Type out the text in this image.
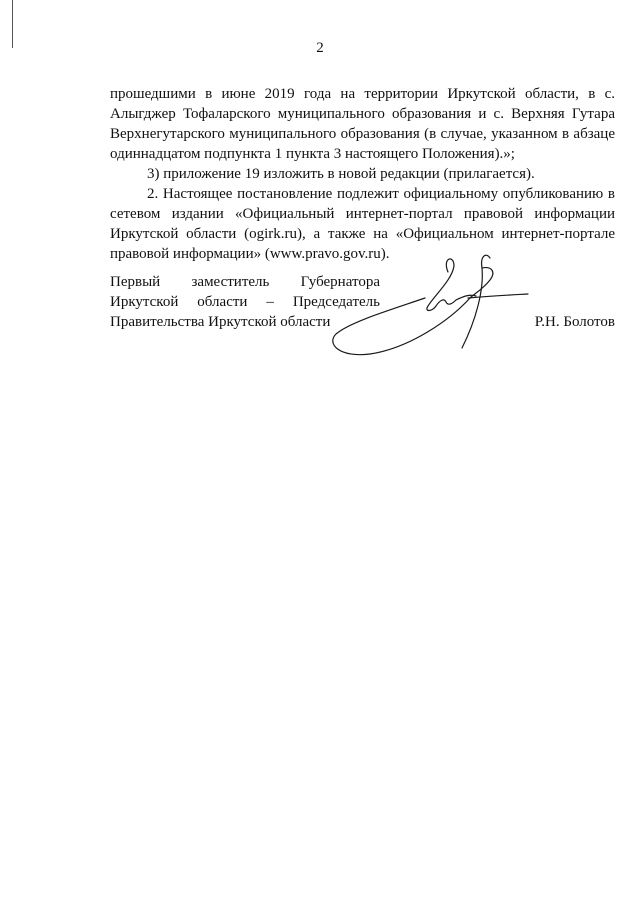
2

прошедшими в июне 2019 года на территории Иркутской области, в с. Алыгджер Тофаларского муниципального образования и с. Верхняя Гутара Верхнегутарского муниципального образования (в случае, указанном в абзаце одиннадцатом подпункта 1 пункта 3 настоящего Положения).»;

3) приложение 19 изложить в новой редакции (прилагается).

2. Настоящее постановление подлежит официальному опубликованию в сетевом издании «Официальный интернет-портал правовой информации Иркутской области (ogirk.ru), а также на «Официальном интернет-портале правовой информации» (www.pravo.gov.ru).

Первый заместитель Губернатора
Иркутской области – Председатель
Правительства Иркутской области	Р.Н. Болотов
